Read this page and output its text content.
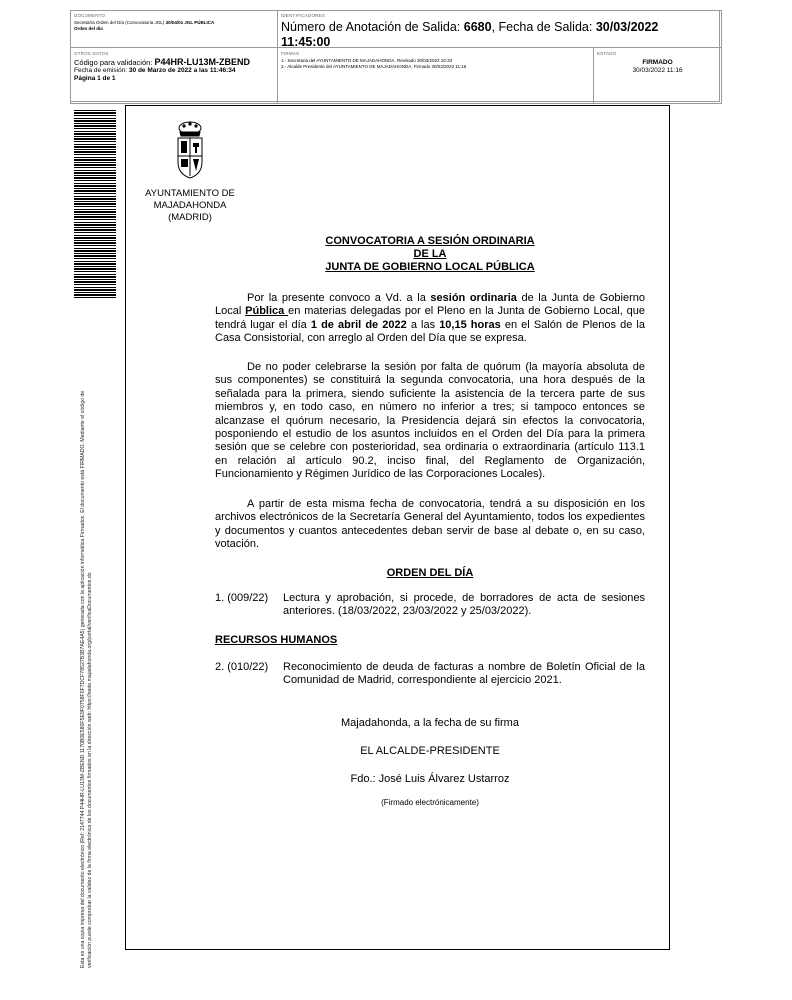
DOCUMENTO
Secretaría Orden del Día (Convocatoria JGL) 30/04/01 JGL PÚBLICA
Orden del día
IDENTIFICADORES
Número de Anotación de Salida: 6680, Fecha de Salida: 30/03/2022
11:45:00
OTROS DATOS
Código para validación: P44HR-LU13M-ZBEND
Fecha de emisión: 30 de Marzo de 2022 a las 11:46:34
Página 1 de 1
FIRMAS
1.- Secretaria del AYUNTAMIENTO DE MAJADAHONDA. Revisado 30/03/2022 10:33
2.- Alcalde Presidente del AYUNTAMIENTO DE MAJADAHONDA. Firmado 30/03/2022 11:16
ESTADO
FIRMADO
30/03/2022 11:16
Esta es una copia impresa del documento electrónico (Ref: 2147744 P44HR-LU13M-ZBEND 1170B0E580F5E9F0758F0F7DCF78527B3B7AE4A5) generada con la aplicación informática Firmadoc. El documento está FIRMADO. Mediante el código de verificación puede comprobar la validez de la firma electrónica de los documentos firmados en la dirección web: https://sede.majadahonda.org/portal/verificaDocumentos.do
AYUNTAMIENTO DE
MAJADAHONDA
(MADRID)
CONVOCATORIA A SESIÓN ORDINARIA
DE LA
JUNTA DE GOBIERNO LOCAL PÚBLICA
Por la presente convoco a Vd. a la sesión ordinaria de la Junta de Gobierno Local Pública en materias delegadas por el Pleno en la Junta de Gobierno Local, que tendrá lugar el día 1 de abril de 2022 a las 10,15 horas en el Salón de Plenos de la Casa Consistorial, con arreglo al Orden del Día que se expresa.
De no poder celebrarse la sesión por falta de quórum (la mayoría absoluta de sus componentes) se constituirá la segunda convocatoria, una hora después de la señalada para la primera, siendo suficiente la asistencia de la tercera parte de sus miembros y, en todo caso, en número no inferior a tres; si tampoco entonces se alcanzase el quórum necesario, la Presidencia dejará sin efectos la convocatoria, posponiendo el estudio de los asuntos incluidos en el Orden del Día para la primera sesión que se celebre con posterioridad, sea ordinaria o extraordinaria (artículo 113.1 en relación al artículo 90.2, inciso final, del Reglamento de Organización, Funcionamiento y Régimen Jurídico de las Corporaciones Locales).
A partir de esta misma fecha de convocatoria, tendrá a su disposición en los archivos electrónicos de la Secretaría General del Ayuntamiento, todos los expedientes y documentos y cuantos antecedentes deban servir de base al debate o, en su caso, votación.
ORDEN DEL DÍA
1. (009/22)	Lectura y aprobación, si procede, de borradores de acta de sesiones anteriores. (18/03/2022, 23/03/2022 y 25/03/2022).
RECURSOS HUMANOS
2. (010/22)	Reconocimiento de deuda de facturas a nombre de Boletín Oficial de la Comunidad de Madrid, correspondiente al ejercicio 2021.
Majadahonda, a la fecha de su firma
EL ALCALDE-PRESIDENTE
Fdo.: José Luis Álvarez Ustarroz
(Firmado electrónicamente)
